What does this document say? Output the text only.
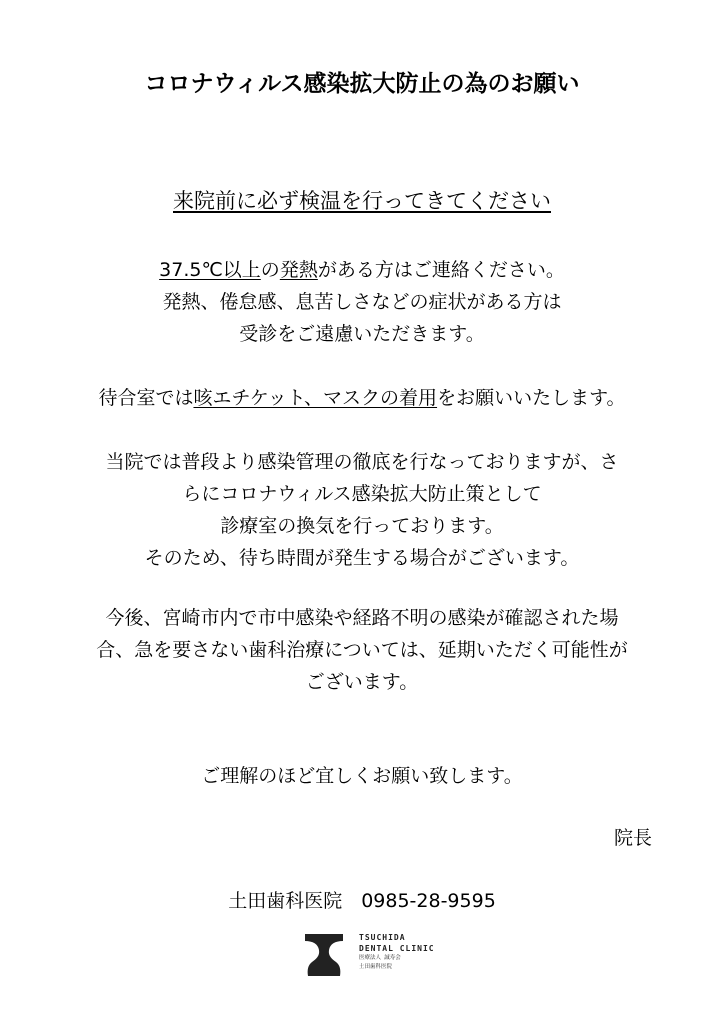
コロナウィルス感染拡大防止の為のお願い
来院前に必ず検温を行ってきてください
37.5℃以上の発熱がある方はご連絡ください。
発熱、倦怠感、息苦しさなどの症状がある方は
受診をご遠慮いただきます。
待合室では咳エチケット、マスクの着用をお願いいたします。
当院では普段より感染管理の徹底を行なっておりますが、さ
らにコロナウィルス感染拡大防止策として
診療室の換気を行っております。
そのため、待ち時間が発生する場合がございます。
今後、宮崎市内で市中感染や経路不明の感染が確認された場
合、急を要さない歯科治療については、延期いただく可能性が
ございます。
ご理解のほど宜しくお願い致します。
院長
土田歯科医院　0985-28-9595
TSUCHIDA
DENTAL CLINIC
医療法人 誠寿会
土田歯科医院
